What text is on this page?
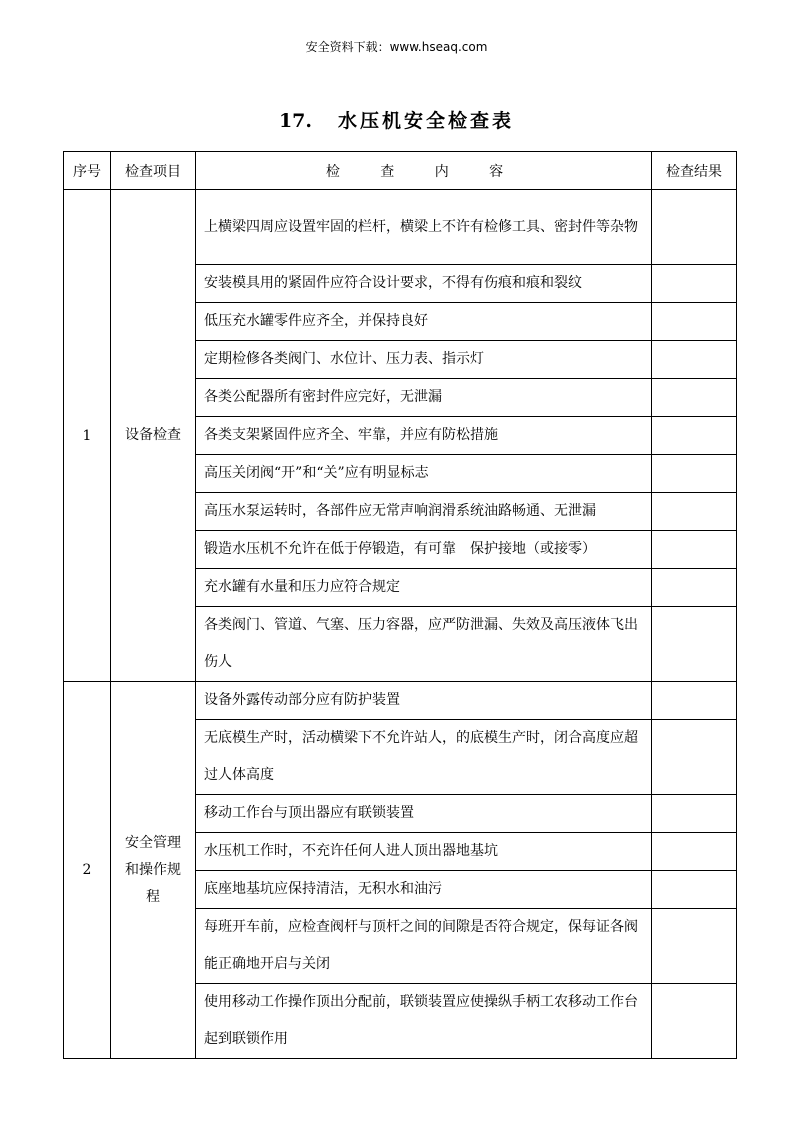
安全资料下载：www.hseaq.com
17. 水压机安全检查表
序号	检查项目	检 查 内 容	检查结果
1	设备检查	上横梁四周应设置牢固的栏杆，横梁上不许有检修工具、密封件等杂物	
		安装模具用的紧固件应符合设计要求，不得有伤痕和痕和裂纹	
		低压充水罐零件应齐全，并保持良好	
		定期检修各类阀门、水位计、压力表、指示灯	
		各类公配器所有密封件应完好，无泄漏	
		各类支架紧固件应齐全、牢靠，并应有防松措施	
		高压关闭阀“开”和“关”应有明显标志	
		高压水泵运转时，各部件应无常声响润滑系统油路畅通、无泄漏	
		锻造水压机不允许在低于停锻造，有可靠　保护接地（或接零）	
		充水罐有水量和压力应符合规定	
		各类阀门、管道、气塞、压力容器，应严防泄漏、失效及高压液体飞出伤人	
2	安全管理和操作规程	设备外露传动部分应有防护装置	
		无底模生产时，活动横梁下不允许站人，的底模生产时，闭合高度应超过人体高度	
		移动工作台与顶出器应有联锁装置	
		水压机工作时，不充许任何人进人顶出器地基坑	
		底座地基坑应保持清洁，无积水和油污	
		每班开车前，应检查阀杆与顶杆之间的间隙是否符合规定，保每证各阀能正确地开启与关闭	
		使用移动工作操作顶出分配前，联锁装置应使操纵手柄工农移动工作台起到联锁作用	
